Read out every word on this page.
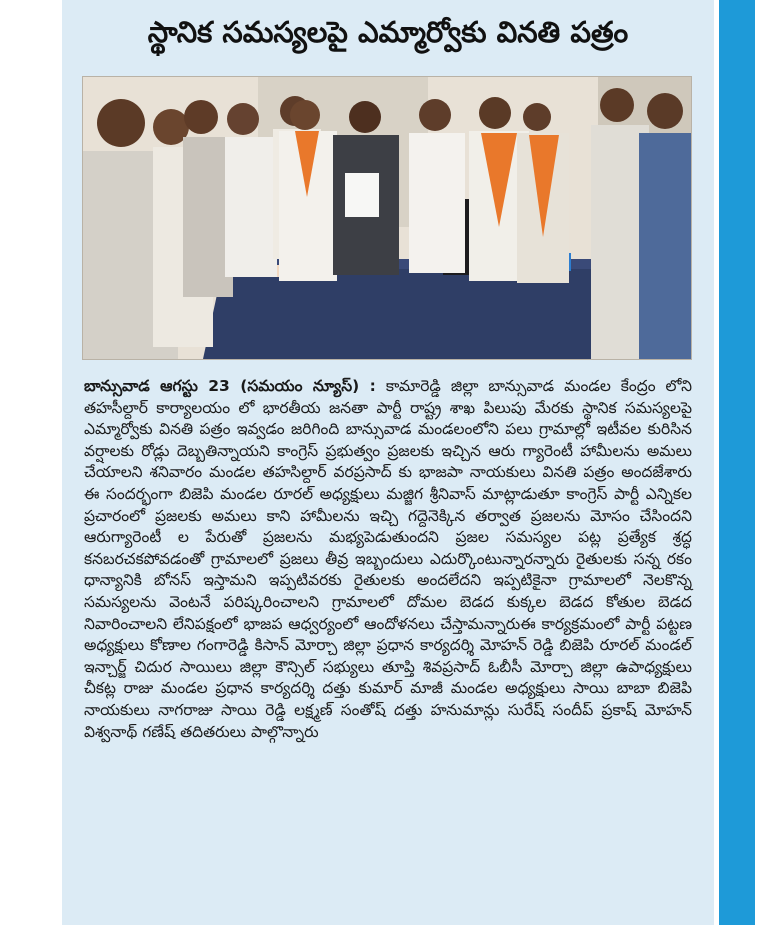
స్థానిక సమస్యలపై ఎమ్మార్వోకు వినతి పత్రం

బాన్సువాడ ఆగస్టు 23 (సమయం న్యూస్) : కామారెడ్డి జిల్లా బాన్సువాడ మండల కేంద్రం లోని తహసీల్దార్ కార్యాలయం లో భారతీయ జనతా పార్టీ రాష్ట్ర శాఖ పిలుపు మేరకు స్థానిక సమస్యలపై ఎమ్మార్వోకు వినతి పత్రం ఇవ్వడం జరిగింది బాన్సువాడ మండలంలోని పలు గ్రామాల్లో ఇటీవల కురిసిన వర్షాలకు రోడ్లు దెబ్బతిన్నాయని కాంగ్రెస్ ప్రభుత్వం ప్రజలకు ఇచ్చిన ఆరు గ్యారెంటీ హామీలను అమలు చేయాలని శనివారం మండల తహసిల్దార్ వరప్రసాద్ కు భాజపా నాయకులు వినతి పత్రం అందజేశారు ఈ సందర్భంగా బిజెపి మండల రూరల్ అధ్యక్షులు మజ్జిగ శ్రీనివాస్ మాట్లాడుతూ కాంగ్రెస్ పార్టీ ఎన్నికల ప్రచారంలో ప్రజలకు అమలు కాని హామీలను ఇచ్చి గద్దెనెక్కిన తర్వాత ప్రజలను మోసం చేసిందని ఆరుగ్యారెంటీ ల పేరుతో ప్రజలను మభ్యపెడుతుందని ప్రజల సమస్యల పట్ల ప్రత్యేక శ్రద్ధ కనబరచకపోవడంతో గ్రామాలలో ప్రజలు తీవ్ర ఇబ్బందులు ఎదుర్కొంటున్నారన్నారు రైతులకు సన్న రకం ధాన్యానికి బోనస్ ఇస్తామని ఇప్పటివరకు రైతులకు అందలేదని ఇప్పటికైనా గ్రామాలలో నెలకొన్న సమస్యలను వెంటనే పరిష్కరించాలని గ్రామాలలో దోమల బెడద కుక్కల బెడద కోతుల బెడద నివారించాలని లేనిపక్షంలో భాజప ఆధ్వర్యంలో ఆందోళనలు చేస్తామన్నారుఈ కార్యక్రమంలో పార్టీ పట్టణ అధ్యక్షులు కోణాల గంగారెడ్డి కిసాన్ మోర్చా జిల్లా ప్రధాన కార్యదర్శి మోహన్ రెడ్డి బిజెపి రూరల్ మండల్ ఇన్చార్జ్ చిదుర సాయిలు జిల్లా కౌన్సిల్ సభ్యులు తూప్తి శివప్రసాద్ ఓబీసీ మోర్చా జిల్లా ఉపాధ్యక్షులు చీకట్ల రాజు మండల ప్రధాన కార్యదర్శి దత్తు కుమార్ మాజీ మండల అధ్యక్షులు సాయి బాబా బిజెపి నాయకులు నాగరాజు సాయి రెడ్డి లక్ష్మణ్ సంతోష్ దత్తు హనుమాన్లు సురేష్ సందీప్ ప్రకాష్ మోహన్ విశ్వనాథ్ గణేష్ తదితరులు పాల్గొన్నారు
